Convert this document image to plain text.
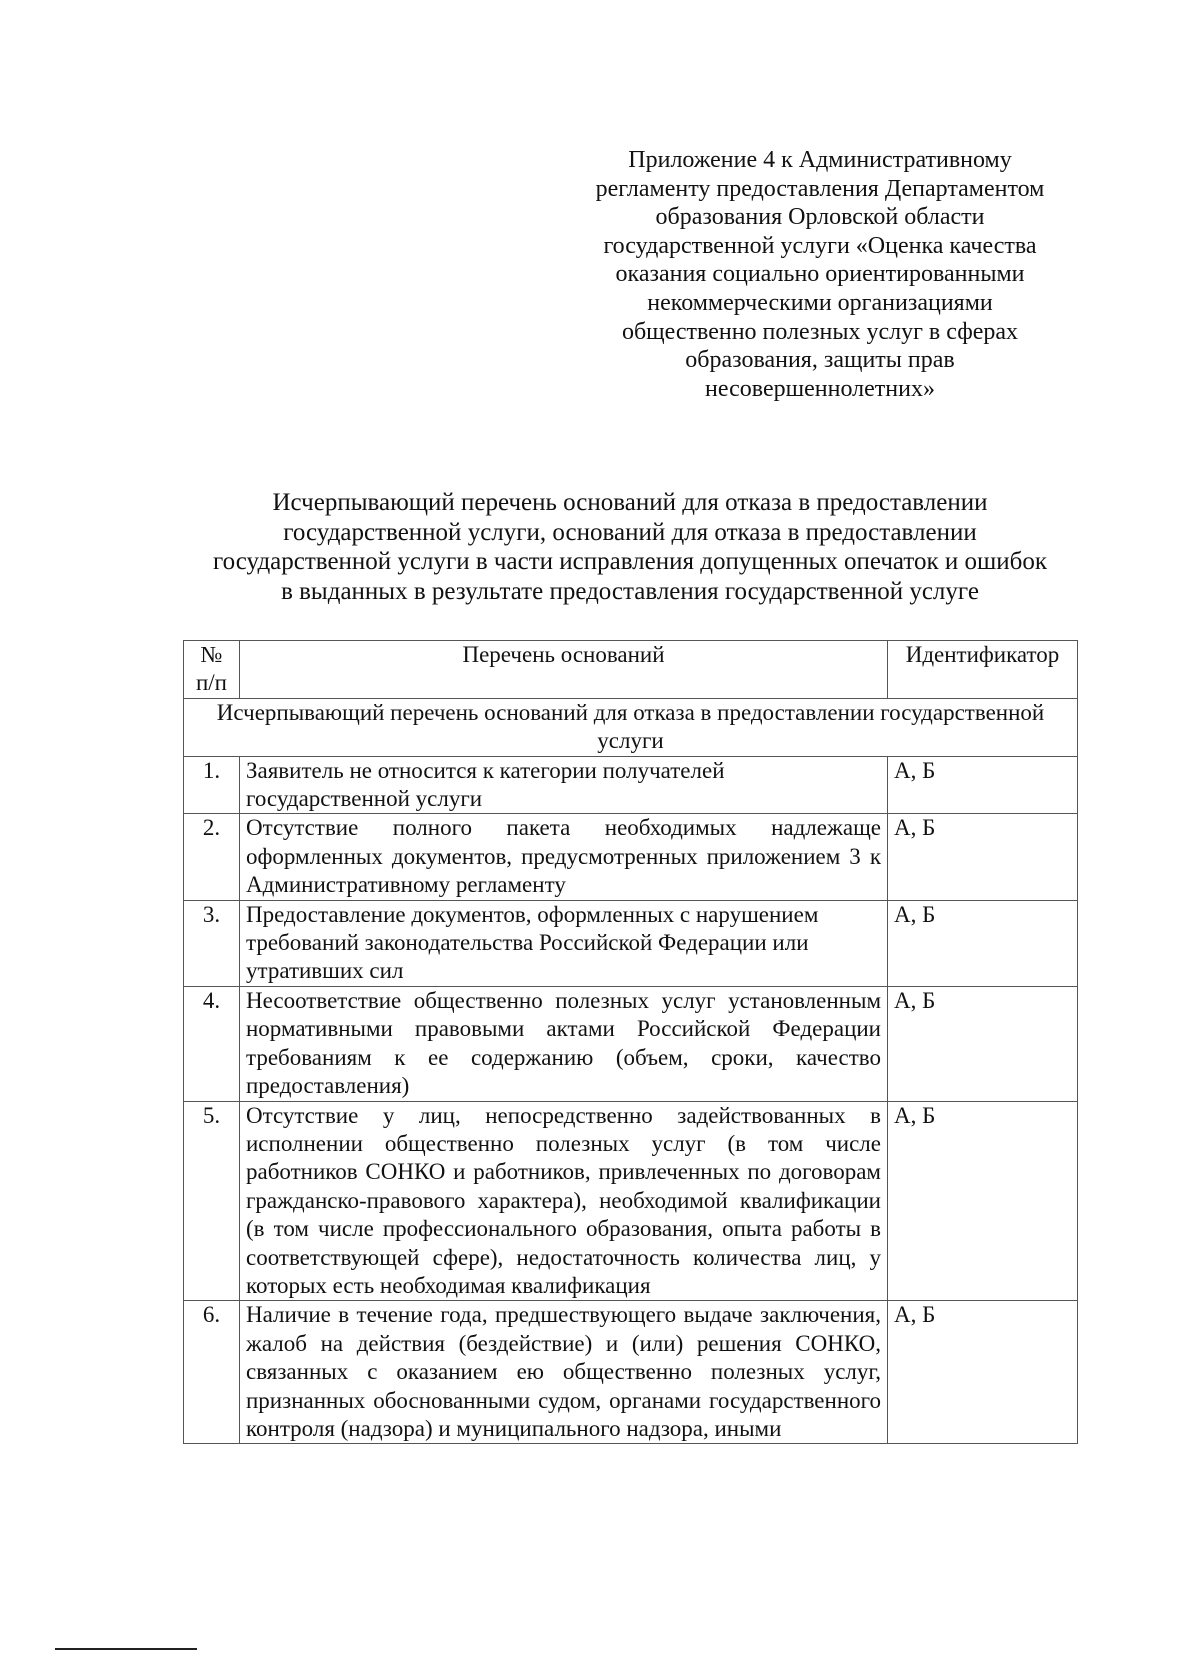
Приложение 4 к Административному
регламенту предоставления Департаментом
образования Орловской области
государственной услуги «Оценка качества
оказания социально ориентированными
некоммерческими организациями
общественно полезных услуг в сферах
образования, защиты прав
несовершеннолетних»
Исчерпывающий перечень оснований для отказа в предоставлении
государственной услуги, оснований для отказа в предоставлении
государственной услуги в части исправления допущенных опечаток и ошибок
в выданных в результате предоставления государственной услуге
№ п/п	Перечень оснований	Идентификатор
Исчерпывающий перечень оснований для отказа в предоставлении государственной услуги		
1.	Заявитель не относится к категории получателей государственной услуги	А, Б
2.	Отсутствие полного пакета необходимых надлежаще оформленных документов, предусмотренных приложением 3 к Административному регламенту	А, Б
3.	Предоставление документов, оформленных с нарушением требований законодательства Российской Федерации или утративших сил	А, Б
4.	Несоответствие общественно полезных услуг установленным нормативными правовыми актами Российской Федерации требованиям к ее содержанию (объем, сроки, качество предоставления)	А, Б
5.	Отсутствие у лиц, непосредственно задействованных в исполнении общественно полезных услуг (в том числе работников СОНКО и работников, привлеченных по договорам гражданско-правового характера), необходимой квалификации (в том числе профессионального образования, опыта работы в соответствующей сфере), недостаточность количества лиц, у которых есть необходимая квалификация	А, Б
6.	Наличие в течение года, предшествующего выдаче заключения, жалоб на действия (бездействие) и (или) решения СОНКО, связанных с оказанием ею общественно полезных услуг, признанных обоснованными судом, органами государственного контроля (надзора) и муниципального надзора, иными	А, Б
